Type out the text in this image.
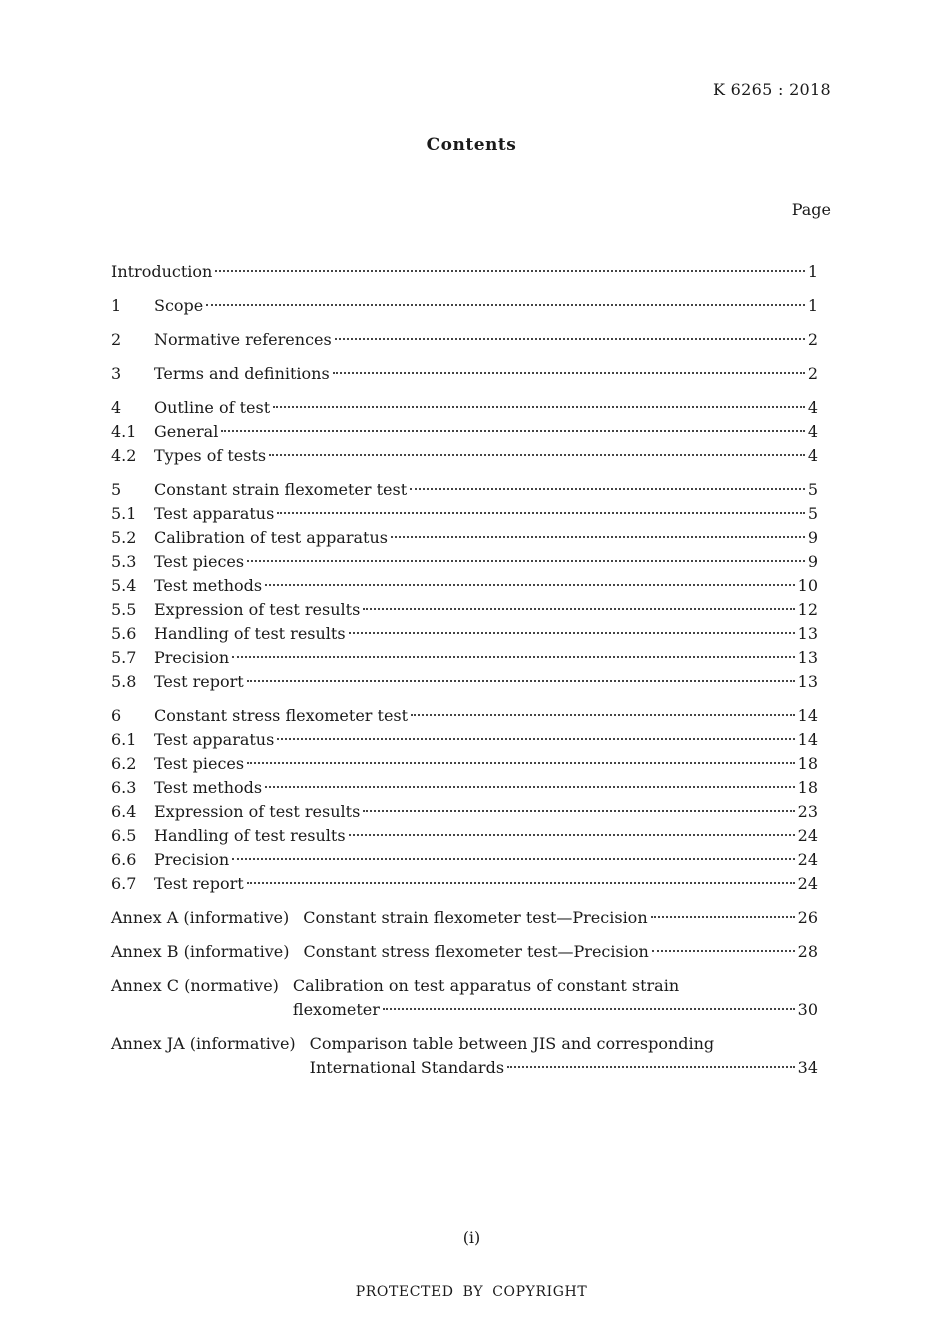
K 6265 : 2018
Contents
Page
Introduction	1
1	Scope	1
2	Normative references	2
3	Terms and definitions	2
4	Outline of test	4
4.1	General	4
4.2	Types of tests	4
5	Constant strain flexometer test	5
5.1	Test apparatus	5
5.2	Calibration of test apparatus	9
5.3	Test pieces	9
5.4	Test methods	10
5.5	Expression of test results	12
5.6	Handling of test results	13
5.7	Precision	13
5.8	Test report	13
6	Constant stress flexometer test	14
6.1	Test apparatus	14
6.2	Test pieces	18
6.3	Test methods	18
6.4	Expression of test results	23
6.5	Handling of test results	24
6.6	Precision	24
6.7	Test report	24
Annex A (informative) Constant strain flexometer test—Precision	26
Annex B (informative) Constant stress flexometer test—Precision	28
Annex C (normative) Calibration on test apparatus of constant strain
flexometer	30
Annex JA (informative) Comparison table between JIS and corresponding
International Standards	34
(i)
PROTECTED BY COPYRIGHT
